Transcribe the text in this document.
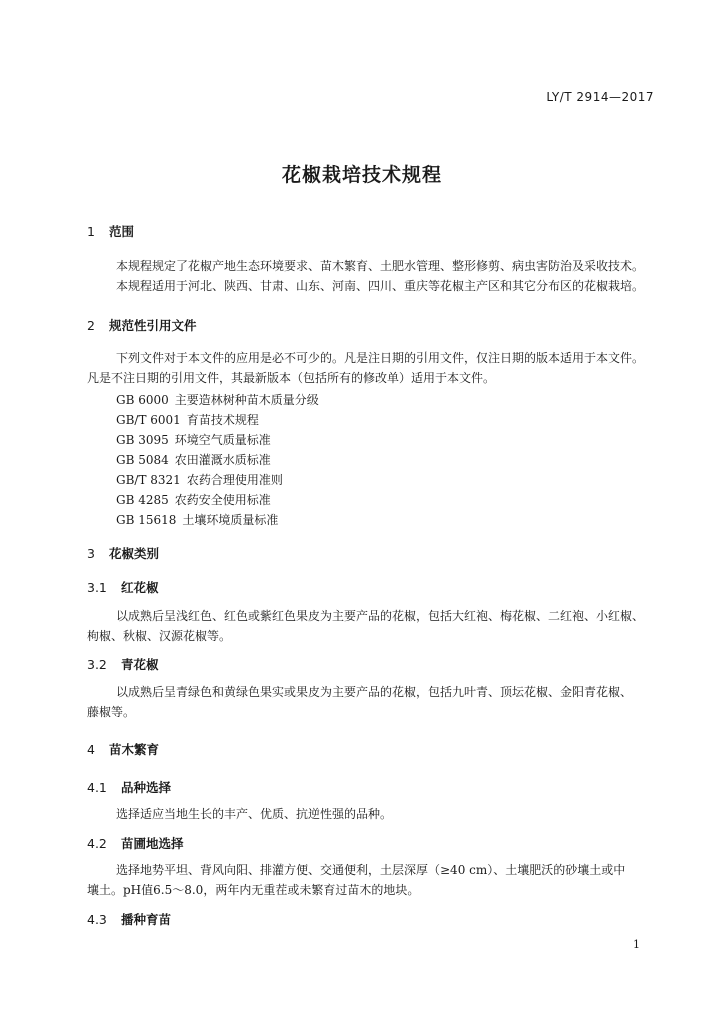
LY/T 2914—2017
花椒栽培技术规程
1 范围
本规程规定了花椒产地生态环境要求、苗木繁育、土肥水管理、整形修剪、病虫害防治及采收技术。
本规程适用于河北、陕西、甘肃、山东、河南、四川、重庆等花椒主产区和其它分布区的花椒栽培。
2 规范性引用文件
下列文件对于本文件的应用是必不可少的。凡是注日期的引用文件，仅注日期的版本适用于本文件。
凡是不注日期的引用文件，其最新版本（包括所有的修改单）适用于本文件。
GB 6000 主要造林树种苗木质量分级
GB/T 6001 育苗技术规程
GB 3095 环境空气质量标准
GB 5084 农田灌溉水质标准
GB/T 8321 农药合理使用准则
GB 4285 农药安全使用标准
GB 15618 土壤环境质量标准
3 花椒类别
3.1 红花椒
以成熟后呈浅红色、红色或紫红色果皮为主要产品的花椒，包括大红袍、梅花椒、二红袍、小红椒、
枸椒、秋椒、汉源花椒等。
3.2 青花椒
以成熟后呈青绿色和黄绿色果实或果皮为主要产品的花椒，包括九叶青、顶坛花椒、金阳青花椒、
藤椒等。
4 苗木繁育
4.1 品种选择
选择适应当地生长的丰产、优质、抗逆性强的品种。
4.2 苗圃地选择
选择地势平坦、背风向阳、排灌方便、交通便利，土层深厚（≥40 cm）、土壤肥沃的砂壤土或中
壤土。pH值6.5～8.0，两年内无重茬或未繁育过苗木的地块。
4.3 播种育苗
1
